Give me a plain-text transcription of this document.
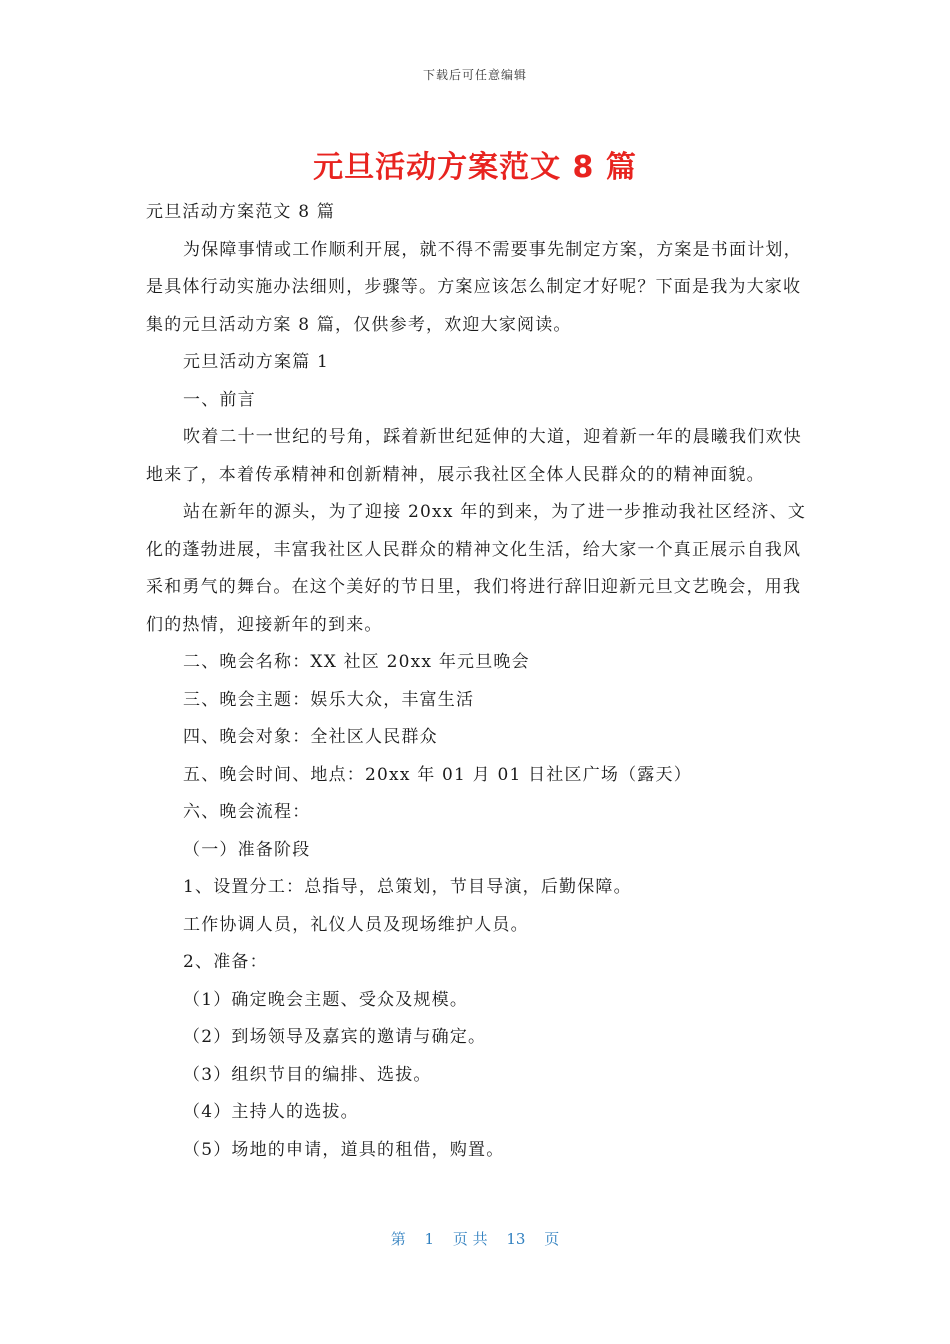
下载后可任意编辑
元旦活动方案范文 8 篇

元旦活动方案范文 8 篇

为保障事情或工作顺利开展，就不得不需要事先制定方案，方案是书面计划，是具体行动实施办法细则，步骤等。方案应该怎么制定才好呢？下面是我为大家收集的元旦活动方案 8 篇，仅供参考，欢迎大家阅读。

元旦活动方案篇 1

一、前言

吹着二十一世纪的号角，踩着新世纪延伸的大道，迎着新一年的晨曦我们欢快地来了，本着传承精神和创新精神，展示我社区全体人民群众的的精神面貌。

站在新年的源头，为了迎接 20xx 年的到来，为了进一步推动我社区经济、文化的蓬勃进展，丰富我社区人民群众的精神文化生活，给大家一个真正展示自我风采和勇气的舞台。在这个美好的节日里，我们将进行辞旧迎新元旦文艺晚会，用我们的热情，迎接新年的到来。

二、晚会名称：XX 社区 20xx 年元旦晚会

三、晚会主题：娱乐大众，丰富生活

四、晚会对象：全社区人民群众

五、晚会时间、地点：20xx 年 01 月 01 日社区广场（露天）

六、晚会流程：

（一）准备阶段

1、设置分工：总指导，总策划，节目导演，后勤保障。

工作协调人员，礼仪人员及现场维护人员。

2、准备：

（1）确定晚会主题、受众及规模。

（2）到场领导及嘉宾的邀请与确定。

（3）组织节目的编排、选拔。

（4）主持人的选拔。

（5）场地的申请，道具的租借，购置。

第 1 页 共 13 页
